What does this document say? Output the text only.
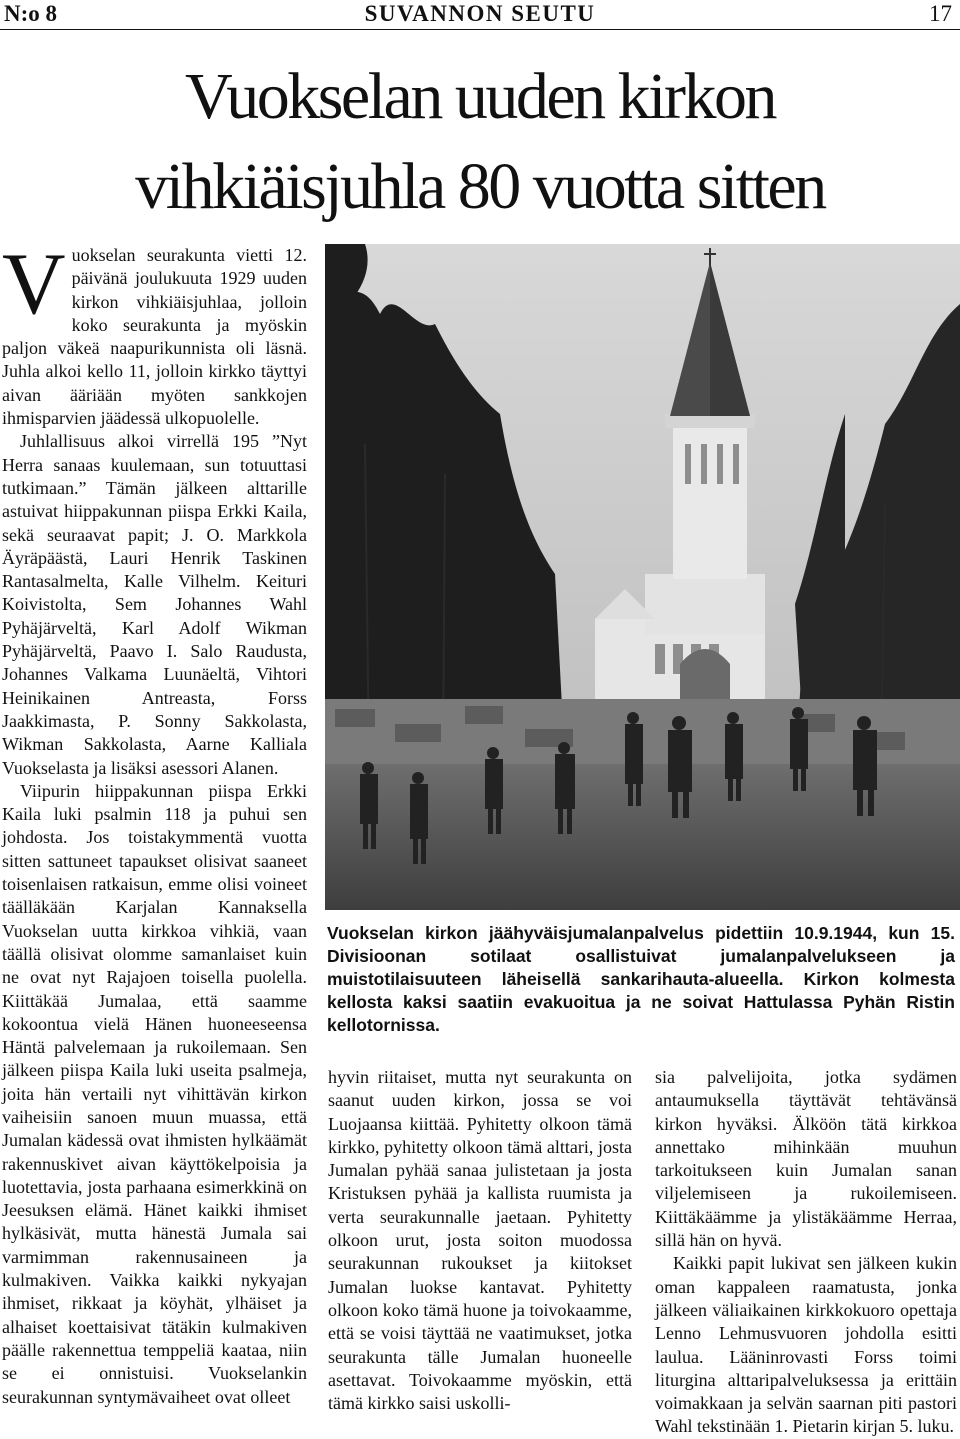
N:o 8	SUVANNON SEUTU	17
Vuokselan uuden kirkon vihkiäisjuhla 80 vuotta sitten

Vuokselan seurakunta vietti 12. päivänä joulukuuta 1929 uuden kirkon vihkiäisjuhlaa, jolloin koko seurakunta ja myöskin paljon väkeä naapurikunnista oli läsnä. Juhla alkoi kello 11, jolloin kirkko täyttyi aivan ääriään myöten sankkojen ihmisparvien jäädessä ulkopuolelle.

Juhlallisuus alkoi virrellä 195 ”Nyt Herra sanaas kuulemaan, sun totuuttasi tutkimaan.” Tämän jälkeen alttarille astuivat hiippakunnan piispa Erkki Kaila, sekä seuraavat papit; J. O. Markkola Äyräpäästä, Lauri Henrik Taskinen Rantasalmelta, Kalle Vilhelm. Keituri Koivistolta, Sem Johannes Wahl Pyhäjärveltä, Karl Adolf Wikman Pyhäjärveltä, Paavo I. Salo Raudusta, Johannes Valkama Luunäeltä, Vihtori Heinikainen Antreasta, Forss Jaakkimasta, P. Sonny Sakkolasta, Wikman Sakkolasta, Aarne Kalliala Vuokselasta ja lisäksi asessori Alanen.

Viipurin hiippakunnan piispa Erkki Kaila luki psalmin 118 ja puhui sen johdosta. Jos toistakymmentä vuotta sitten sattuneet tapaukset olisivat saaneet toisenlaisen ratkaisun, emme olisi voineet täälläkään Karjalan Kannaksella Vuokselan uutta kirkkoa vihkiä, vaan täällä olisivat olomme samanlaiset kuin ne ovat nyt Rajajoen toisella puolella. Kiittäkää Jumalaa, että saamme kokoontua vielä Hänen huoneeseensa Häntä palvelemaan ja rukoilemaan. Sen jälkeen piispa Kaila luki useita psalmeja, joita hän vertaili nyt vihittävän kirkon vaiheisiin sanoen muun muassa, että Jumalan kädessä ovat ihmisten hylkäämät rakennuskivet aivan käyttökelpoisia ja luotettavia, josta parhaana esimerkkinä on Jeesuksen elämä. Hänet kaikki ihmiset hylkäsivät, mutta hänestä Jumala sai varmimman rakennusaineen ja kulmakiven. Vaikka kaikki nykyajan ihmiset, rikkaat ja köyhät, ylhäiset ja alhaiset koettaisivat tätäkin kulmakiven päälle rakennettua temppeliä kaataa, niin se ei onnistuisi. Vuokselankin seurakunnan syntymävaiheet ovat olleet

Vuokselan kirkon jäähyväisjumalanpalvelus pidettiin 10.9.1944, kun 15. Divisioonan sotilaat osallistuivat jumalanpalvelukseen ja muistotilaisuuteen läheisellä sankarihauta-alueella. Kirkon kolmesta kellosta kaksi saatiin evakuoitua ja ne soivat Hattulassa Pyhän Ristin kellotornissa.

hyvin riitaiset, mutta nyt seurakunta on saanut uuden kirkon, jossa se voi Luojaansa kiittää. Pyhitetty olkoon tämä kirkko, pyhitetty olkoon tämä alttari, josta Jumalan pyhää sanaa julistetaan ja josta Kristuksen pyhää ja kallista ruumista ja verta seurakunnalle jaetaan. Pyhitetty olkoon urut, josta soiton muodossa seurakunnan rukoukset ja kiitokset Jumalan luokse kantavat. Pyhitetty olkoon koko tämä huone ja toivokaamme, että se voisi täyttää ne vaatimukset, jotka seurakunta tälle Jumalan huoneelle asettavat. Toivokaamme myöskin, että tämä kirkko saisi uskolli-

sia palvelijoita, jotka sydämen antaumuksella täyttävät tehtävänsä kirkon hyväksi. Älköön tätä kirkkoa annettako mihinkään muuhun tarkoitukseen kuin Jumalan sanan viljelemiseen ja rukoilemiseen. Kiittäkäämme ja ylistäkäämme Herraa, sillä hän on hyvä.

Kaikki papit lukivat sen jälkeen kukin oman kappaleen raamatusta, jonka jälkeen väliaikainen kirkkokuoro opettaja Lenno Lehmusvuoren johdolla esitti laulua. Lääninrovasti Forss toimi liturgina alttaripalveluksessa ja erittäin voimakkaan ja selvän saarnan piti pastori Wahl tekstinään 1. Pietarin kirjan 5. luku.
